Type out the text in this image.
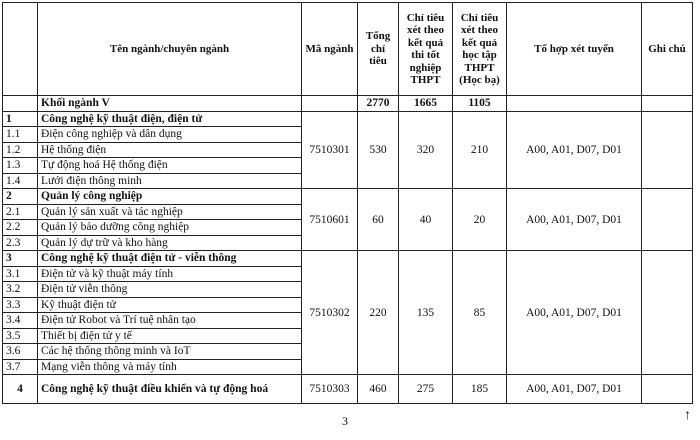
	Tên ngành/chuyên ngành	Mã ngành	Tổng chỉ tiêu	Chỉ tiêu xét theo kết quả thi tốt nghiệp THPT	Chỉ tiêu xét theo kết quả học tập THPT (Học bạ)	Tổ hợp xét tuyển	Ghi chú
	Khối ngành V		2770	1665	1105		
1	Công nghệ kỹ thuật điện, điện tử	7510301	530	320	210	A00, A01, D07, D01	
1.1	Điện công nghiệp và dân dụng						
1.2	Hệ thống điện						
1.3	Tự động hoá Hệ thống điện						
1.4	Lưới điện thông minh						
2	Quản lý công nghiệp	7510601	60	40	20	A00, A01, D07, D01	
2.1	Quản lý sản xuất và tác nghiệp						
2.2	Quản lý bảo dưỡng công nghiệp						
2.3	Quản lý dự trữ và kho hàng						
3	Công nghệ kỹ thuật điện tử - viễn thông	7510302	220	135	85	A00, A01, D07, D01	
3.1	Điện tử và kỹ thuật máy tính						
3.2	Điện tử viễn thông						
3.3	Kỹ thuật điện tử						
3.4	Điện tử Robot và Trí tuệ nhân tạo						
3.5	Thiết bị điện tử y tế						
3.6	Các hệ thống thông minh và IoT						
3.7	Mạng viễn thông và máy tính						
4	Công nghệ kỹ thuật điều khiển và tự động hoá	7510303	460	275	185	A00, A01, D07, D01	
3	↑
